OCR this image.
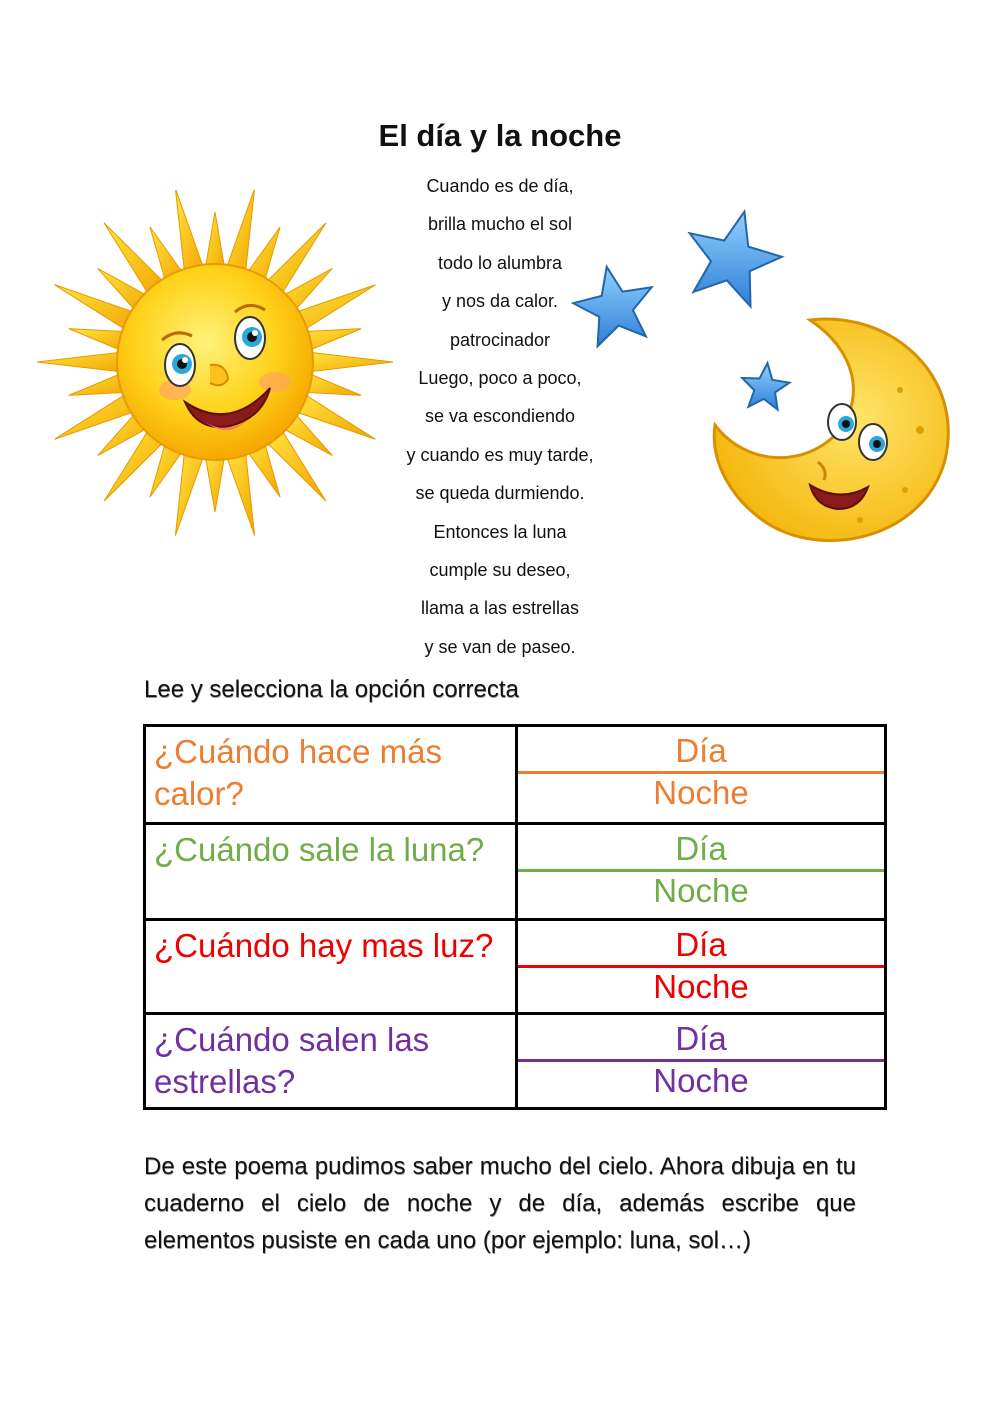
El día y la noche
Cuando es de día,
brilla mucho el sol
todo lo alumbra
y nos da calor.
patrocinador
Luego, poco a poco,
se va escondiendo
y cuando es muy tarde,
se queda durmiendo.
Entonces la luna
cumple su deseo,
llama a las estrellas
y se van de paseo.
Lee y selecciona la opción correcta
¿Cuándo hace más calor?
Día
Noche
¿Cuándo sale la luna?	Día
Noche
¿Cuándo hay mas luz?	Día
Noche
¿Cuándo salen las estrellas?
Día
Noche
De este poema pudimos saber mucho del cielo. Ahora dibuja en tu cuaderno el cielo de noche y de día, además escribe que elementos pusiste en cada uno (por ejemplo: luna, sol…)
